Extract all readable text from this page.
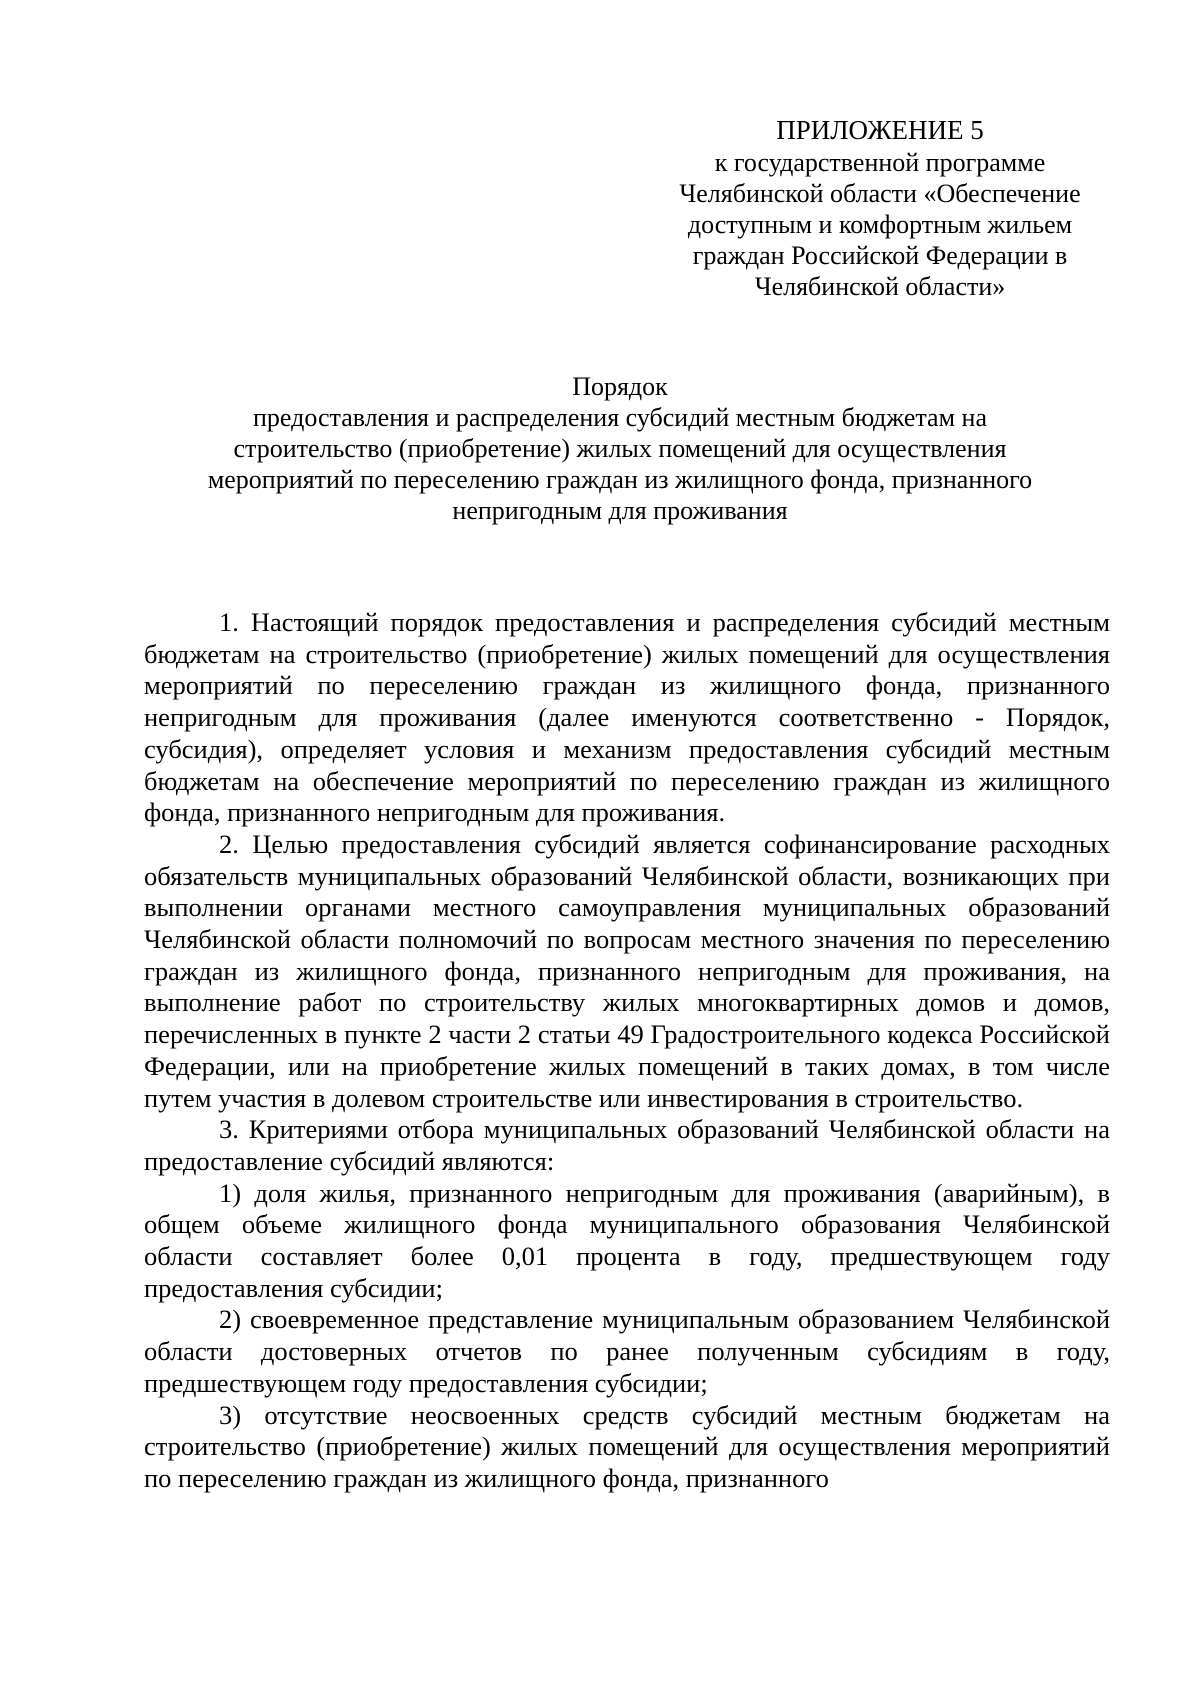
ПРИЛОЖЕНИЕ 5
к государственной программе
Челябинской области «Обеспечение
доступным и комфортным жильем
граждан Российской Федерации в
Челябинской области»
Порядок
предоставления и распределения субсидий местным бюджетам на
строительство (приобретение) жилых помещений для осуществления
мероприятий по переселению граждан из жилищного фонда, признанного
непригодным для проживания

1. Настоящий порядок предоставления и распределения субсидий местным бюджетам на строительство (приобретение) жилых помещений для осуществления мероприятий по переселению граждан из жилищного фонда, признанного непригодным для проживания (далее именуются соответственно - Порядок, субсидия), определяет условия и механизм предоставления субсидий местным бюджетам на обеспечение мероприятий по переселению граждан из жилищного фонда, признанного непригодным для проживания.

2. Целью предоставления субсидий является софинансирование расходных обязательств муниципальных образований Челябинской области, возникающих при выполнении органами местного самоуправления муниципальных образований Челябинской области полномочий по вопросам местного значения по переселению граждан из жилищного фонда, признанного непригодным для проживания, на выполнение работ по строительству жилых многоквартирных домов и домов, перечисленных в пункте 2 части 2 статьи 49 Градостроительного кодекса Российской Федерации, или на приобретение жилых помещений в таких домах, в том числе путем участия в долевом строительстве или инвестирования в строительство.

3. Критериями отбора муниципальных образований Челябинской области на предоставление субсидий являются:

1) доля жилья, признанного непригодным для проживания (аварийным), в общем объеме жилищного фонда муниципального образования Челябинской области составляет более 0,01 процента в году, предшествующем году предоставления субсидии;

2) своевременное представление муниципальным образованием Челябинской области достоверных отчетов по ранее полученным субсидиям в году, предшествующем году предоставления субсидии;

3) отсутствие неосвоенных средств субсидий местным бюджетам на строительство (приобретение) жилых помещений для осуществления мероприятий по переселению граждан из жилищного фонда, признанного
